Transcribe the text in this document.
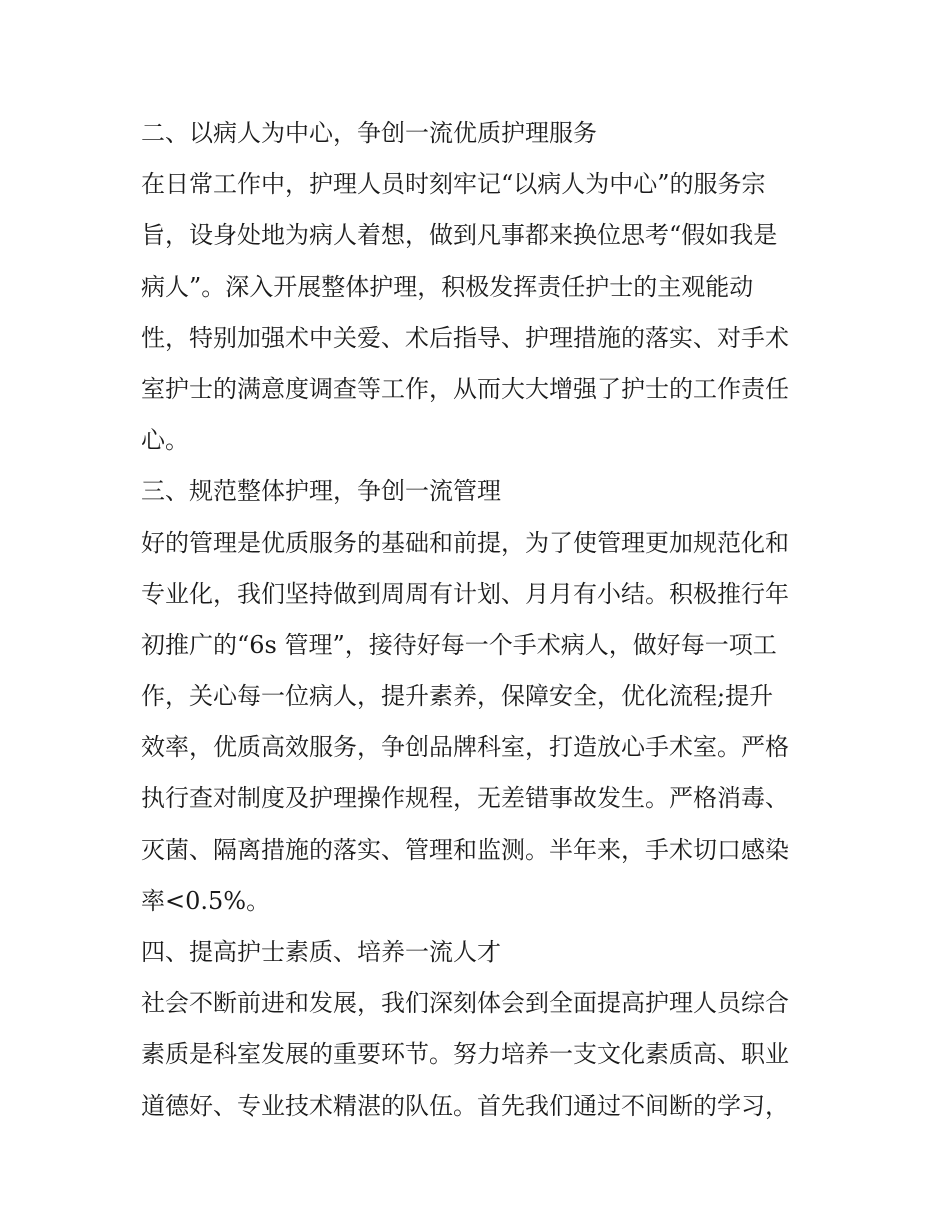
二、以病人为中心，争创一流优质护理服务
在日常工作中，护理人员时刻牢记“以病人为中心”的服务宗
旨，设身处地为病人着想，做到凡事都来换位思考“假如我是
病人”。深入开展整体护理，积极发挥责任护士的主观能动
性，特别加强术中关爱、术后指导、护理措施的落实、对手术
室护士的满意度调查等工作，从而大大增强了护士的工作责任
心。
三、规范整体护理，争创一流管理
好的管理是优质服务的基础和前提，为了使管理更加规范化和
专业化，我们坚持做到周周有计划、月月有小结。积极推行年
初推广的“6s 管理”，接待好每一个手术病人，做好每一项工
作，关心每一位病人，提升素养，保障安全，优化流程;提升
效率，优质高效服务，争创品牌科室，打造放心手术室。严格
执行查对制度及护理操作规程，无差错事故发生。严格消毒、
灭菌、隔离措施的落实、管理和监测。半年来，手术切口感染
率<0.5%。
四、提高护士素质、培养一流人才
社会不断前进和发展，我们深刻体会到全面提高护理人员综合
素质是科室发展的重要环节。努力培养一支文化素质高、职业
道德好、专业技术精湛的队伍。首先我们通过不间断的学习，
